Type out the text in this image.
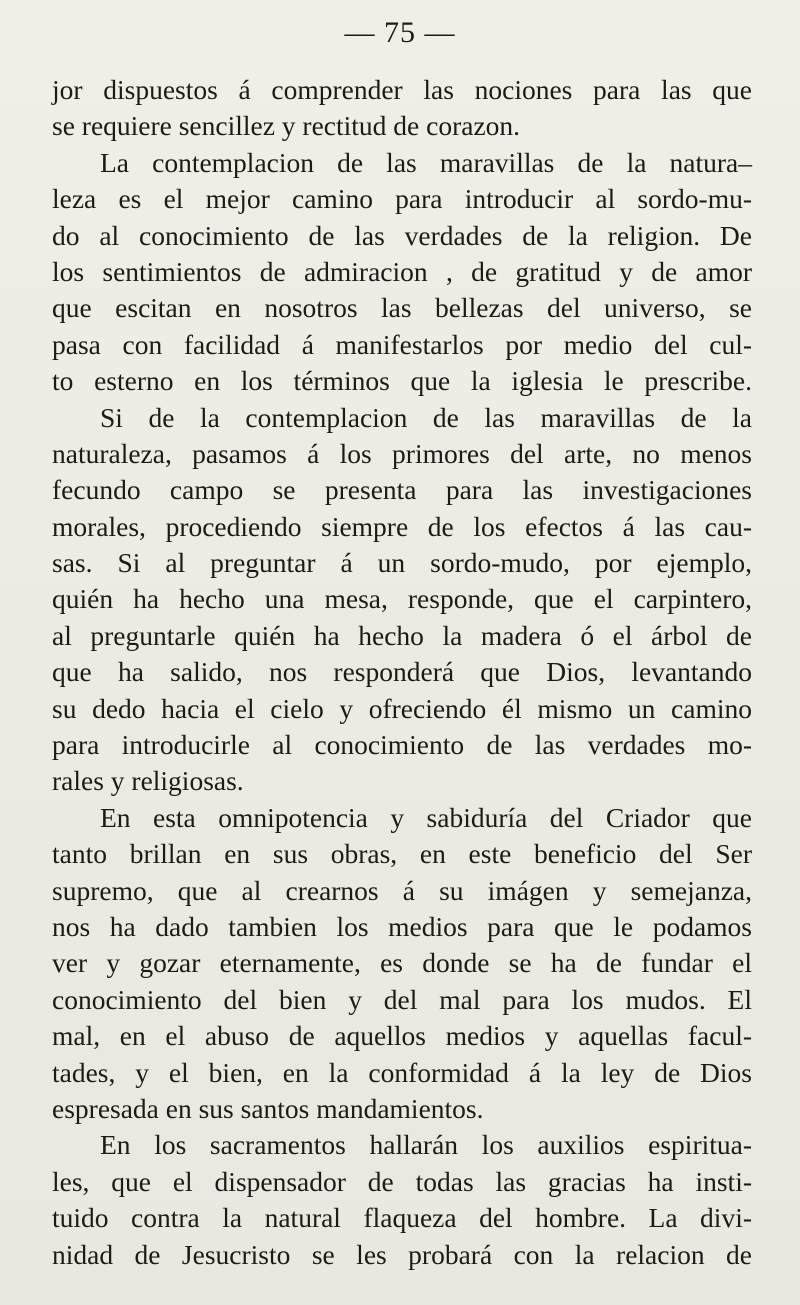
— 75 —
jor dispuestos á comprender las nociones para las que
se requiere sencillez y rectitud de corazon.
La contemplacion de las maravillas de la natura–
leza es el mejor camino para introducir al sordo-mu-
do al conocimiento de las verdades de la religion. De
los sentimientos de admiracion , de gratitud y de amor
que escitan en nosotros las bellezas del universo, se
pasa con facilidad á manifestarlos por medio del cul-
to esterno en los términos que la iglesia le prescribe.
Si de la contemplacion de las maravillas de la
naturaleza, pasamos á los primores del arte, no menos
fecundo campo se presenta para las investigaciones
morales, procediendo siempre de los efectos á las cau-
sas. Si al preguntar á un sordo-mudo, por ejemplo,
quién ha hecho una mesa, responde, que el carpintero,
al preguntarle quién ha hecho la madera ó el árbol de
que ha salido, nos responderá que Dios, levantando
su dedo hacia el cielo y ofreciendo él mismo un camino
para introducirle al conocimiento de las verdades mo-
rales y religiosas.
En esta omnipotencia y sabiduría del Criador que
tanto brillan en sus obras, en este beneficio del Ser
supremo, que al crearnos á su imágen y semejanza,
nos ha dado tambien los medios para que le podamos
ver y gozar eternamente, es donde se ha de fundar el
conocimiento del bien y del mal para los mudos. El
mal, en el abuso de aquellos medios y aquellas facul-
tades, y el bien, en la conformidad á la ley de Dios
espresada en sus santos mandamientos.
En los sacramentos hallarán los auxilios espiritua-
les, que el dispensador de todas las gracias ha insti-
tuido contra la natural flaqueza del hombre. La divi-
nidad de Jesucristo se les probará con la relacion de
